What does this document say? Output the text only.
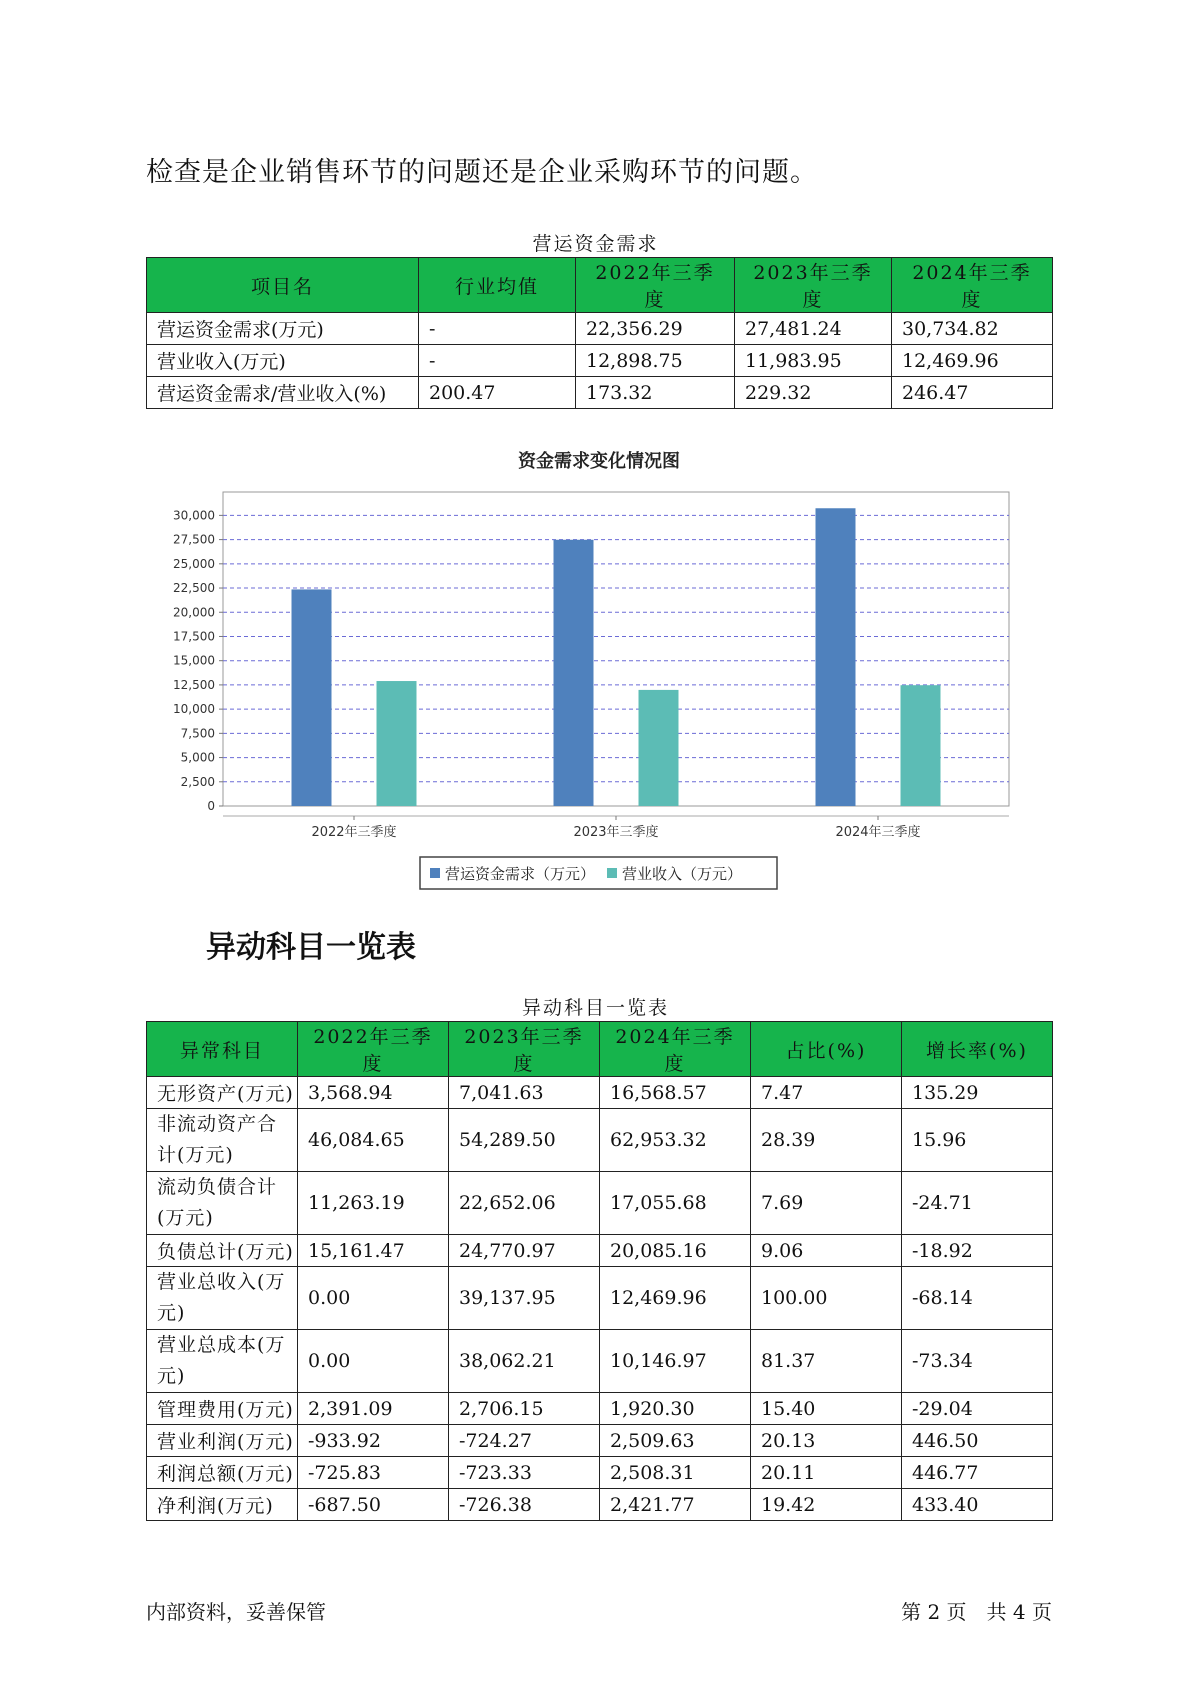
检查是企业销售环节的问题还是企业采购环节的问题。
营运资金需求
项目名	行业均值	2022年三季度	2023年三季度	2024年三季度
营运资金需求(万元)	-	22,356.29	27,481.24	30,734.82
营业收入(万元)	-	12,898.75	11,983.95	12,469.96
营运资金需求/营业收入(%)	200.47	173.32	229.32	246.47
资金需求变化情况图
0
2,500
5,000
7,500
10,000
12,500
15,000
17,500
20,000
22,500
25,000
27,500
30,000
2022年三季度	2023年三季度	2024年三季度
营运资金需求（万元） 营业收入（万元）
异动科目一览表
异动科目一览表
异常科目	2022年三季度	2023年三季度	2024年三季度	占比(%)	增长率(%)
无形资产(万元)	3,568.94	7,041.63	16,568.57	7.47	135.29
非流动资产合计(万元)	46,084.65	54,289.50	62,953.32	28.39	15.96
流动负债合计(万元)	11,263.19	22,652.06	17,055.68	7.69	-24.71
负债总计(万元)	15,161.47	24,770.97	20,085.16	9.06	-18.92
营业总收入(万元)	0.00	39,137.95	12,469.96	100.00	-68.14
营业总成本(万元)	0.00	38,062.21	10,146.97	81.37	-73.34
管理费用(万元)	2,391.09	2,706.15	1,920.30	15.40	-29.04
营业利润(万元)	-933.92	-724.27	2,509.63	20.13	446.50
利润总额(万元)	-725.83	-723.33	2,508.31	20.11	446.77
净利润(万元)	-687.50	-726.38	2,421.77	19.42	433.40
内部资料，妥善保管	第 2 页　共 4 页
